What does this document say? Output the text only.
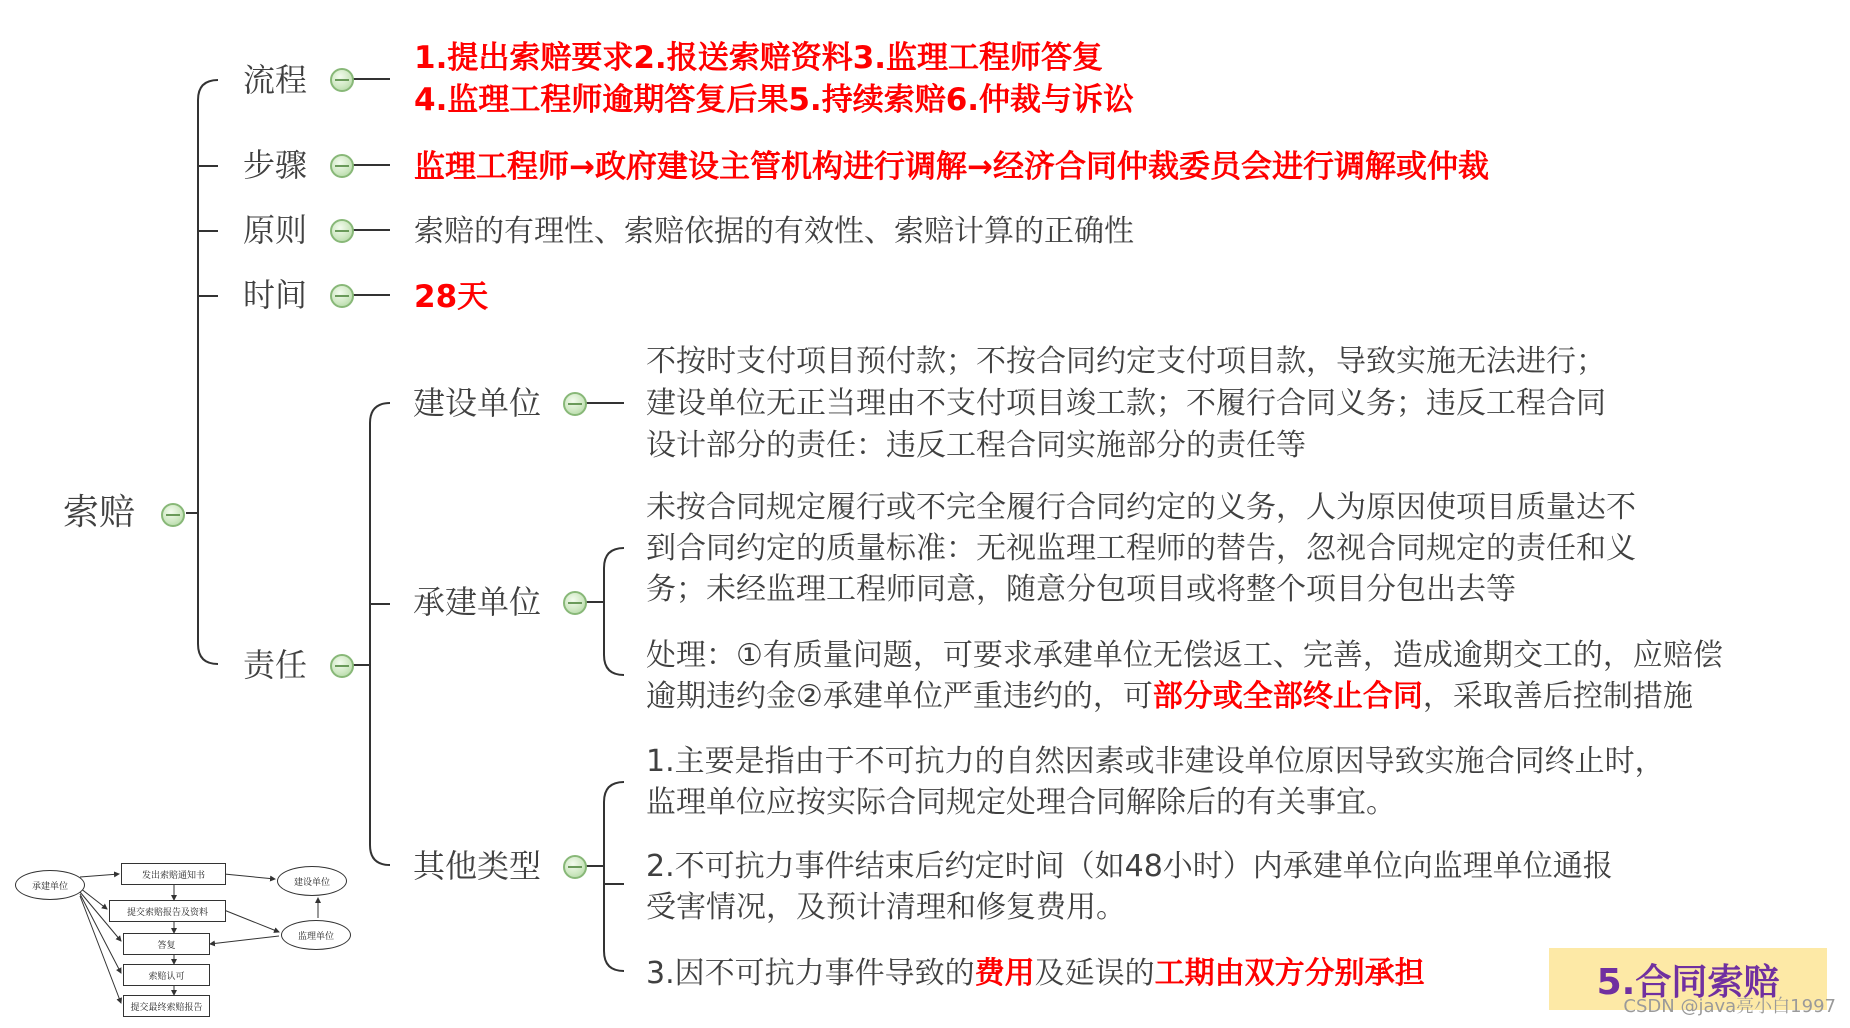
索赔
流程
1.提出索赔要求2.报送索赔资料3.监理工程师答复
4.监理工程师逾期答复后果5.持续索赔6.仲裁与诉讼
步骤	监理工程师→政府建设主管机构进行调解→经济合同仲裁委员会进行调解或仲裁
原则	索赔的有理性、索赔依据的有效性、索赔计算的正确性
时间	28天
责任
建设单位
不按时支付项目预付款；不按合同约定支付项目款，导致实施无法进行；
建设单位无正当理由不支付项目竣工款；不履行合同义务；违反工程合同
设计部分的责任：违反工程合同实施部分的责任等
承建单位
未按合同规定履行或不完全履行合同约定的义务，人为原因使项目质量达不
到合同约定的质量标准：无视监理工程师的替告，忽视合同规定的责任和义
务；未经监理工程师同意，随意分包项目或将整个项目分包出去等
处理：①有质量问题，可要求承建单位无偿返工、完善，造成逾期交工的，应赔偿
逾期违约金②承建单位严重违约的，可部分或全部终止合同，采取善后控制措施
其他类型
1.主要是指由于不可抗力的自然因素或非建设单位原因导致实施合同终止时，
监理单位应按实际合同规定处理合同解除后的有关事宜。
2.不可抗力事件结束后约定时间（如48小时）内承建单位向监理单位通报
受害情况，及预计清理和修复费用。
3.因不可抗力事件导致的费用及延误的工期由双方分别承担
承建单位
发出索赔通知书
提交索赔报告及资料
答复
索赔认可
提交最终索赔报告
建设单位
监理单位
5.合同索赔
CSDN @java亮小白1997
